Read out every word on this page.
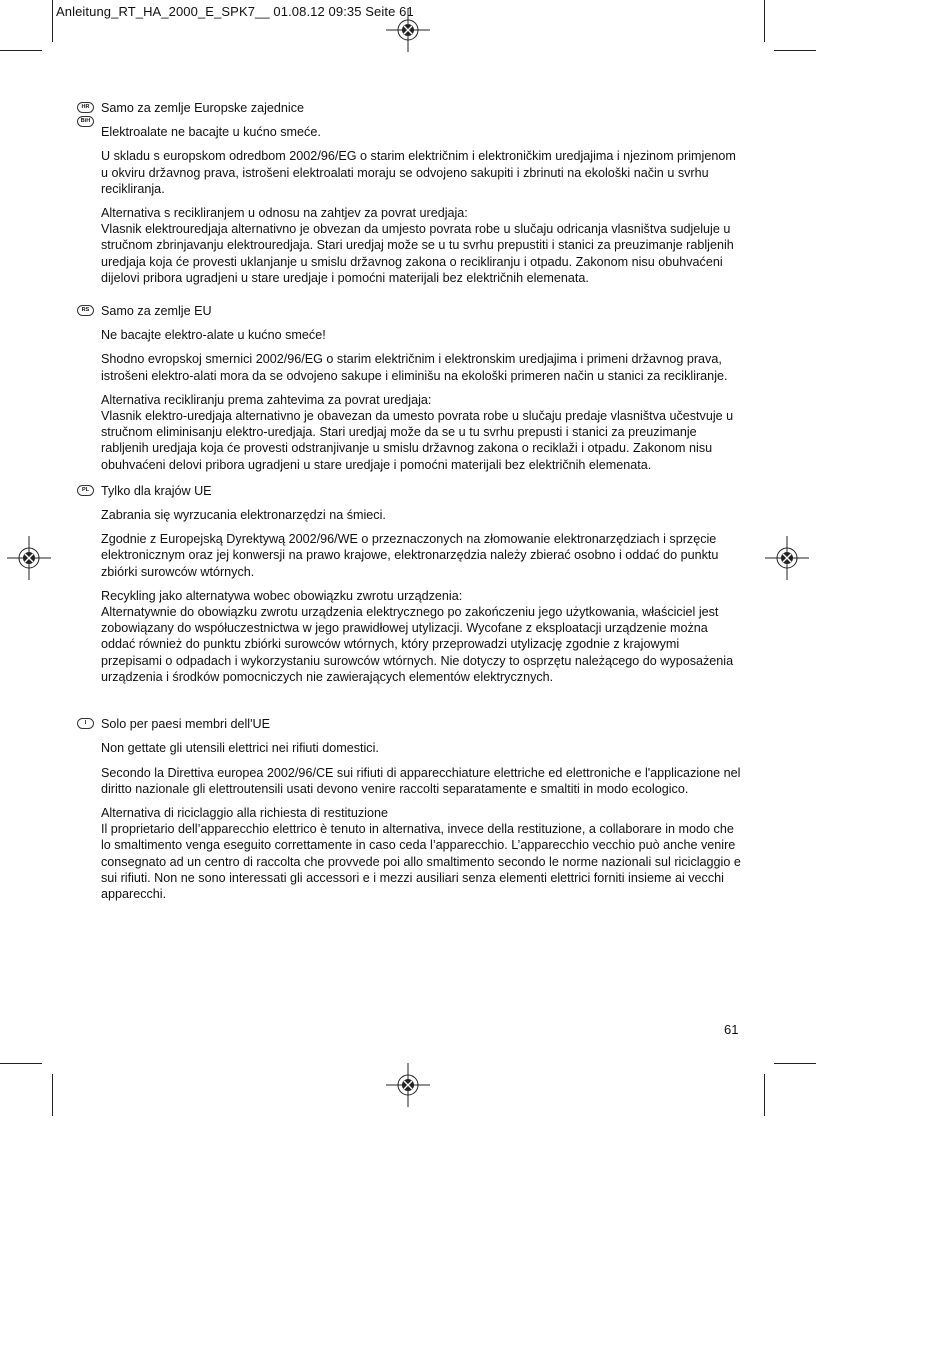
Anleitung_RT_HA_2000_E_SPK7__ 01.08.12 09:35 Seite 61
HR
BiH

Samo za zemlje Europske zajednice

Elektroalate ne bacajte u kućno smeće.

U skladu s europskom odredbom 2002/96/EG o starim električnim i elektroničkim uredjajima i njezinom primjenom u okviru državnog prava, istrošeni elektroalati moraju se odvojeno sakupiti i zbrinuti na ekološki način u svrhu recikliranja.

Alternativa s recikliranjem u odnosu na zahtjev za povrat uredjaja:
Vlasnik elektrouredjaja alternativno je obvezan da umjesto povrata robe u slučaju odricanja vlasništva sudjeluje u stručnom zbrinjavanju elektrouredjaja. Stari uredjaj može se u tu svrhu prepustiti i stanici za preuzimanje rabljenih uredjaja koja će provesti uklanjanje u smislu državnog zakona o recikliranju i otpadu. Zakonom nisu obuhvaćeni dijelovi pribora ugradjeni u stare uredjaje i pomoćni materijali bez električnih elemenata.

RS Samo za zemlje EU

Ne bacajte elektro-alate u kućno smeće!

Shodno evropskoj smernici 2002/96/EG o starim električnim i elektronskim uredjajima i primeni državnog prava, istrošeni elektro-alati mora da se odvojeno sakupe i eliminišu na ekološki primeren način u stanici za recikliranje.

Alternativa recikliranju prema zahtevima za povrat uredjaja:
Vlasnik elektro-uredjaja alternativno je obavezan da umesto povrata robe u slučaju predaje vlasništva učestvuje u stručnom eliminisanju elektro-uredjaja. Stari uredjaj može da se u tu svrhu prepusti i stanici za preuzimanje rabljenih uredjaja koja će provesti odstranjivanje u smislu državnog zakona o reciklaži i otpadu. Zakonom nisu obuhvaćeni delovi pribora ugradjeni u stare uredjaje i pomoćni materijali bez električnih elemenata.

PL Tylko dla krajów UE

Zabrania się wyrzucania elektronarzędzi na śmieci.

Zgodnie z Europejską Dyrektywą 2002/96/WE o przeznaczonych na złomowanie elektronarzędziach i sprzęcie elektronicznym oraz jej konwersji na prawo krajowe, elektronarzędzia należy zbierać osobno i oddać do punktu zbiórki surowców wtórnych.

Recykling jako alternatywa wobec obowiązku zwrotu urządzenia:
Alternatywnie do obowiązku zwrotu urządzenia elektrycznego po zakończeniu jego użytkowania, właściciel jest zobowiązany do współuczestnictwa w jego prawidłowej utylizacji. Wycofane z eksploatacji urządzenie można oddać również do punktu zbiórki surowców wtórnych, który przeprowadzi utylizację zgodnie z krajowymi przepisami o odpadach i wykorzystaniu surowców wtórnych. Nie dotyczy to osprzętu należącego do wyposażenia urządzenia i środków pomocniczych nie zawierających elementów elektrycznych.

I	Solo per paesi membri dell'UE

Non gettate gli utensili elettrici nei rifiuti domestici.

Secondo la Direttiva europea 2002/96/CE sui rifiuti di apparecchiature elettriche ed elettroniche e l'applicazione nel diritto nazionale gli elettroutensili usati devono venire raccolti separatamente e smaltiti in modo ecologico.

Alternativa di riciclaggio alla richiesta di restituzione
Il proprietario dell’apparecchio elettrico è tenuto in alternativa, invece della restituzione, a collaborare in modo che lo smaltimento venga eseguito correttamente in caso ceda l’apparecchio. L’apparecchio vecchio può anche venire consegnato ad un centro di raccolta che provvede poi allo smaltimento secondo le norme nazionali sul riciclaggio e sui rifiuti. Non ne sono interessati gli accessori e i mezzi ausiliari senza elementi elettrici forniti insieme ai vecchi apparecchi.

61
